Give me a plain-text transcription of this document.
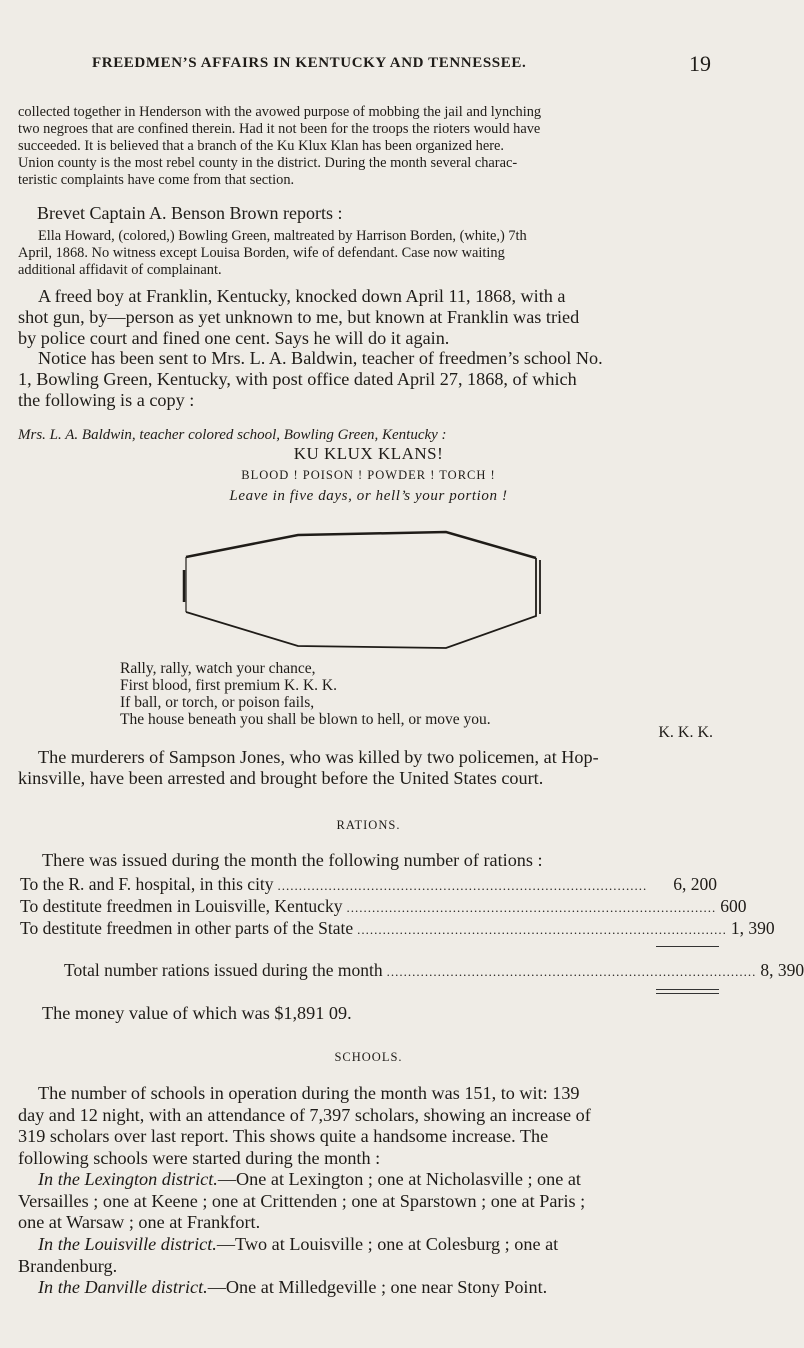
FREEDMEN’S AFFAIRS IN KENTUCKY AND TENNESSEE.	19
collected together in Henderson with the avowed purpose of mobbing the jail and lynching
two negroes that are confined therein. Had it not been for the troops the rioters would have
succeeded. It is believed that a branch of the Ku Klux Klan has been organized here.
Union county is the most rebel county in the district. During the month several charac-
teristic complaints have come from that section.
Brevet Captain A. Benson Brown reports :
Ella Howard, (colored,) Bowling Green, maltreated by Harrison Borden, (white,) 7th
April, 1868. No witness except Louisa Borden, wife of defendant. Case now waiting
additional affidavit of complainant.
A freed boy at Franklin, Kentucky, knocked down April 11, 1868, with a
shot gun, by—person as yet unknown to me, but known at Franklin was tried
by police court and fined one cent. Says he will do it again.
Notice has been sent to Mrs. L. A. Baldwin, teacher of freedmen’s school No.
1, Bowling Green, Kentucky, with post office dated April 27, 1868, of which
the following is a copy :
Mrs. L. A. Baldwin, teacher colored school, Bowling Green, Kentucky :
KU KLUX KLANS!
BLOOD ! POISON ! POWDER ! TORCH !
Leave in five days, or hell’s your portion !
Rally, rally, watch your chance,
First blood, first premium K. K. K.
If ball, or torch, or poison fails,
The house beneath you shall be blown to hell, or move you.
K. K. K.
The murderers of Sampson Jones, who was killed by two policemen, at Hop-
kinsville, have been arrested and brought before the United States court.
RATIONS.
There was issued during the month the following number of rations :
To the R. and F. hospital, in this city .......................................................................................	6, 200
To destitute freedmen in Louisville, Kentucky ....................................................................................... 600
To destitute freedmen in other parts of the State ....................................................................................... 1, 390
Total number rations issued during the month ....................................................................................... 8, 390
The money value of which was $1,891 09.
SCHOOLS.
The number of schools in operation during the month was 151, to wit: 139
day and 12 night, with an attendance of 7,397 scholars, showing an increase of
319 scholars over last report. This shows quite a handsome increase. The
following schools were started during the month :
In the Lexington district.—One at Lexington ; one at Nicholasville ; one at
Versailles ; one at Keene ; one at Crittenden ; one at Sparstown ; one at Paris ;
one at Warsaw ; one at Frankfort.
In the Louisville district.—Two at Louisville ; one at Colesburg ; one at
Brandenburg.
In the Danville district.—One at Milledgeville ; one near Stony Point.
